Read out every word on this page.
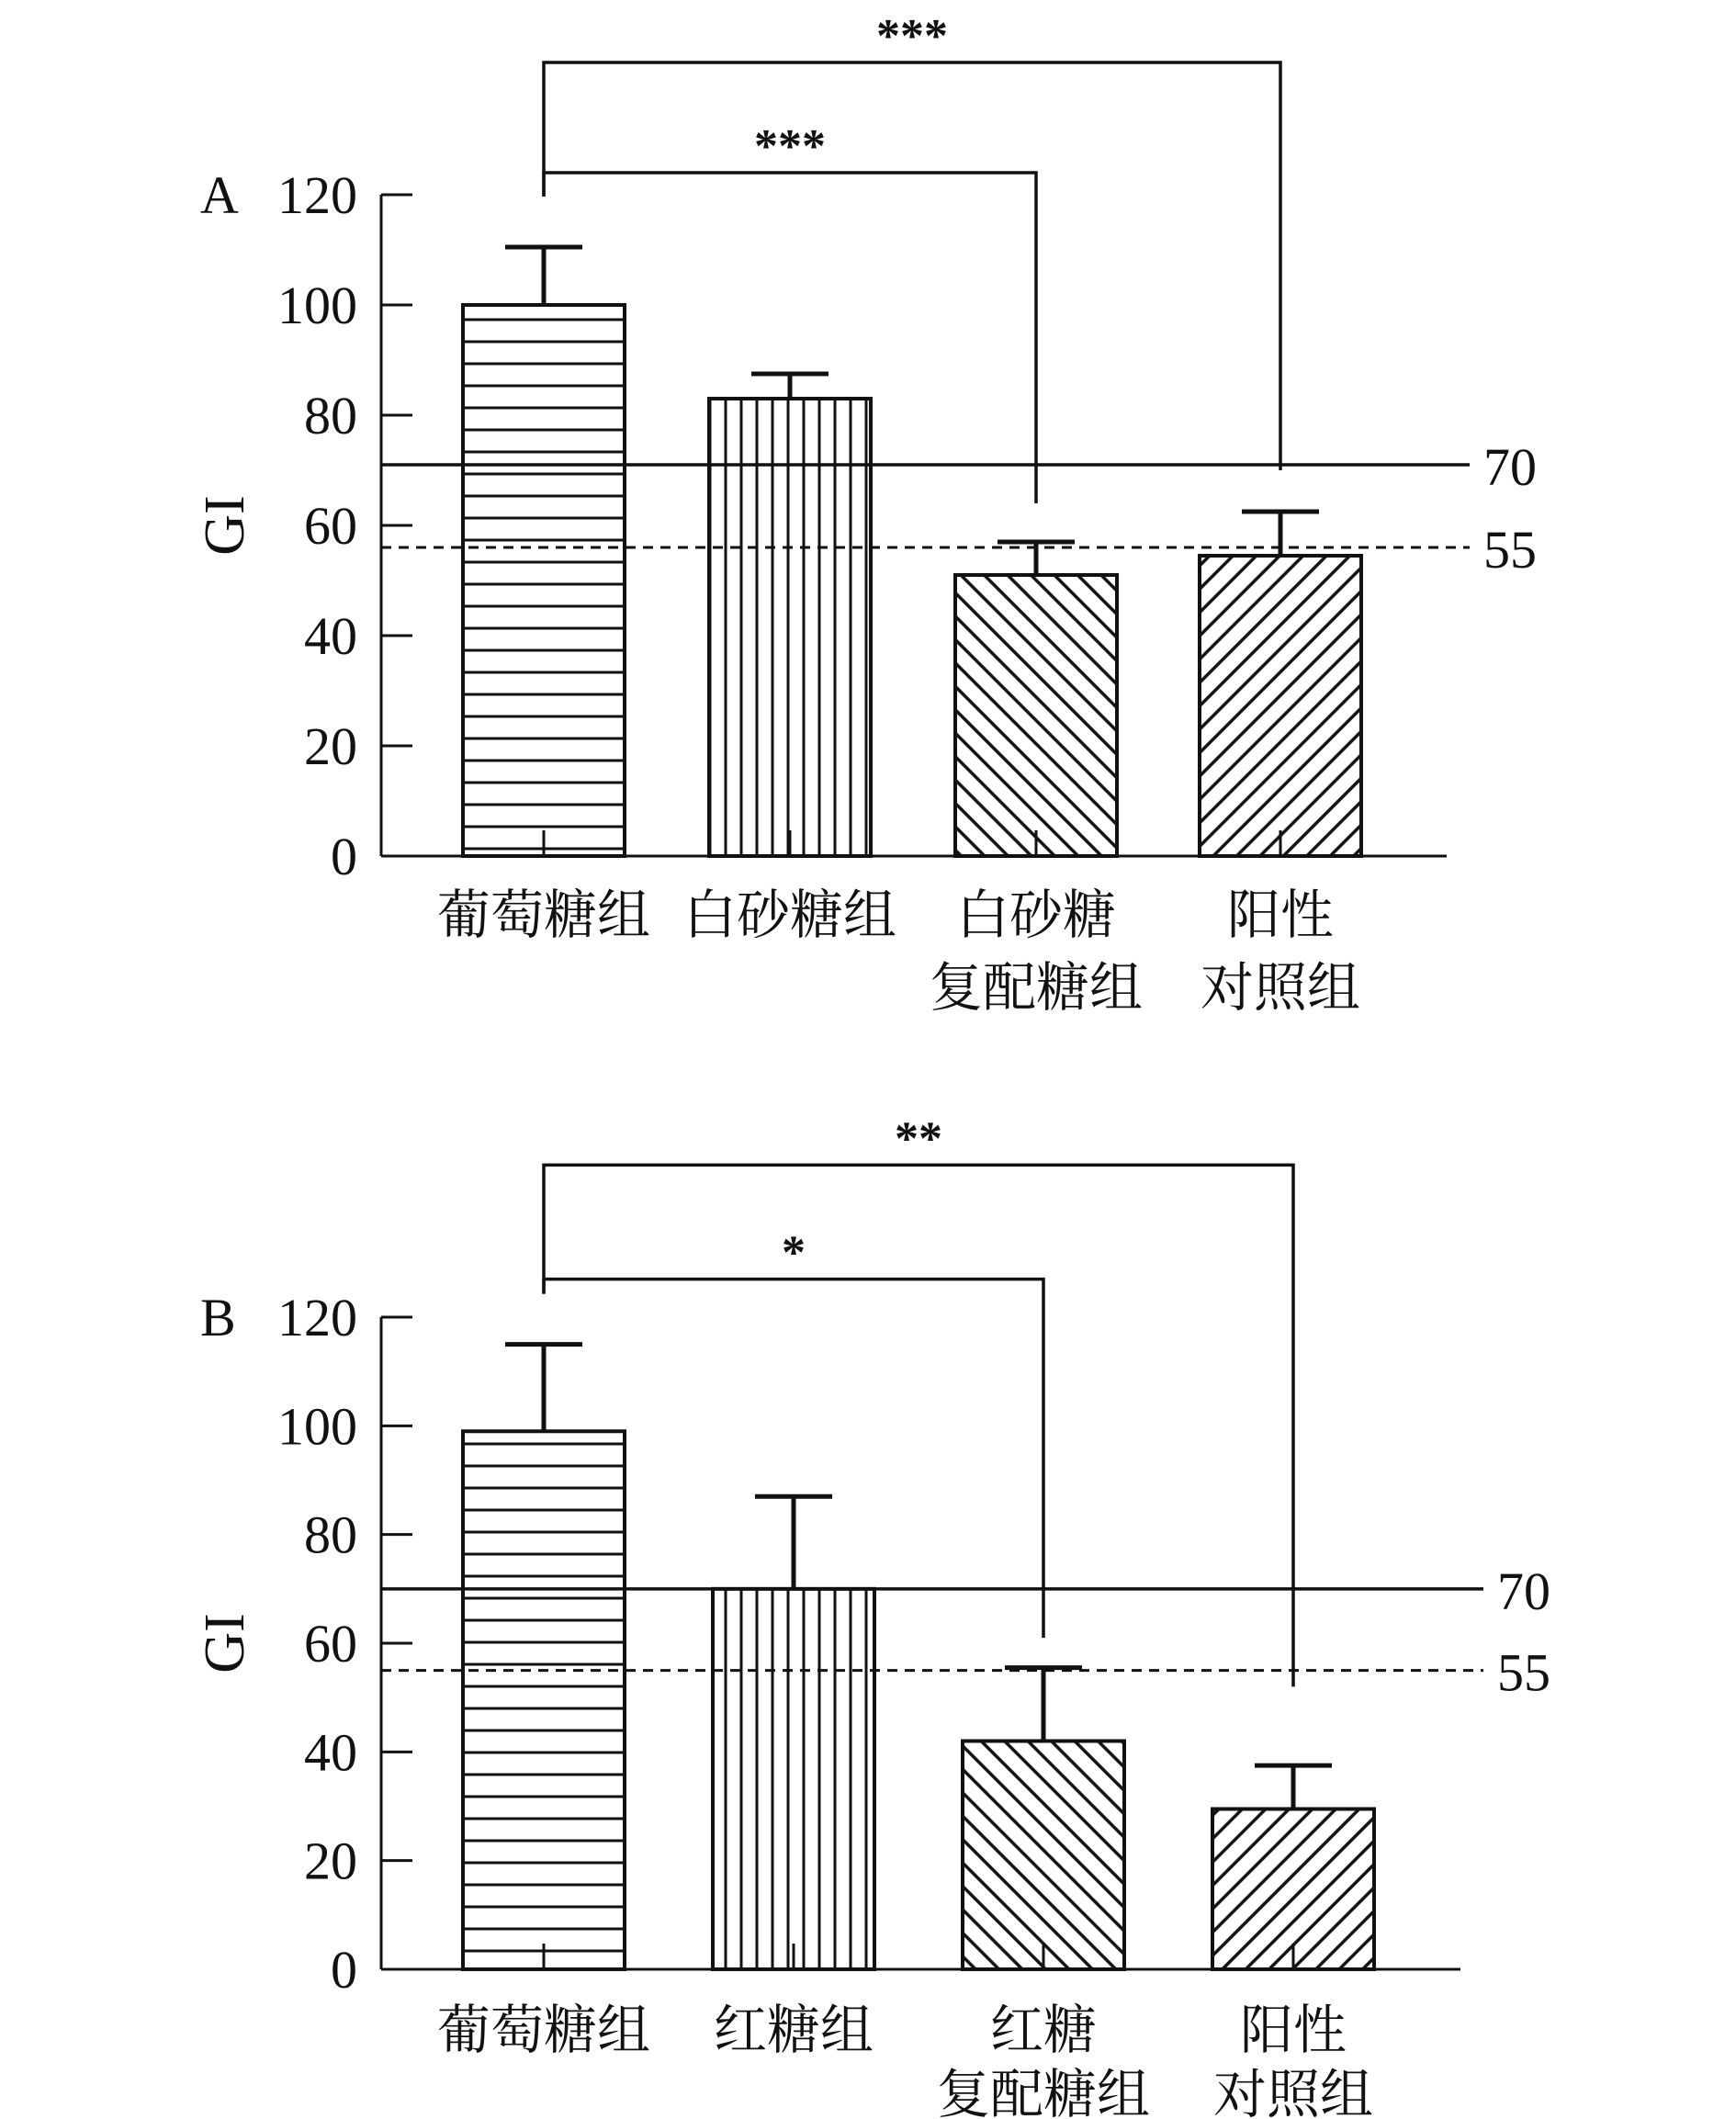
A
GI
0
20
40
60
80
100
120
葡萄糖组 白砂糖组 白砂糖
复配糖组
阳性
对照组
70
55
***
***
B
GI
0
20
40
60
80
100
120
葡萄糖组 红糖组 红糖
复配糖组
阳性
对照组
70
55
*
**
